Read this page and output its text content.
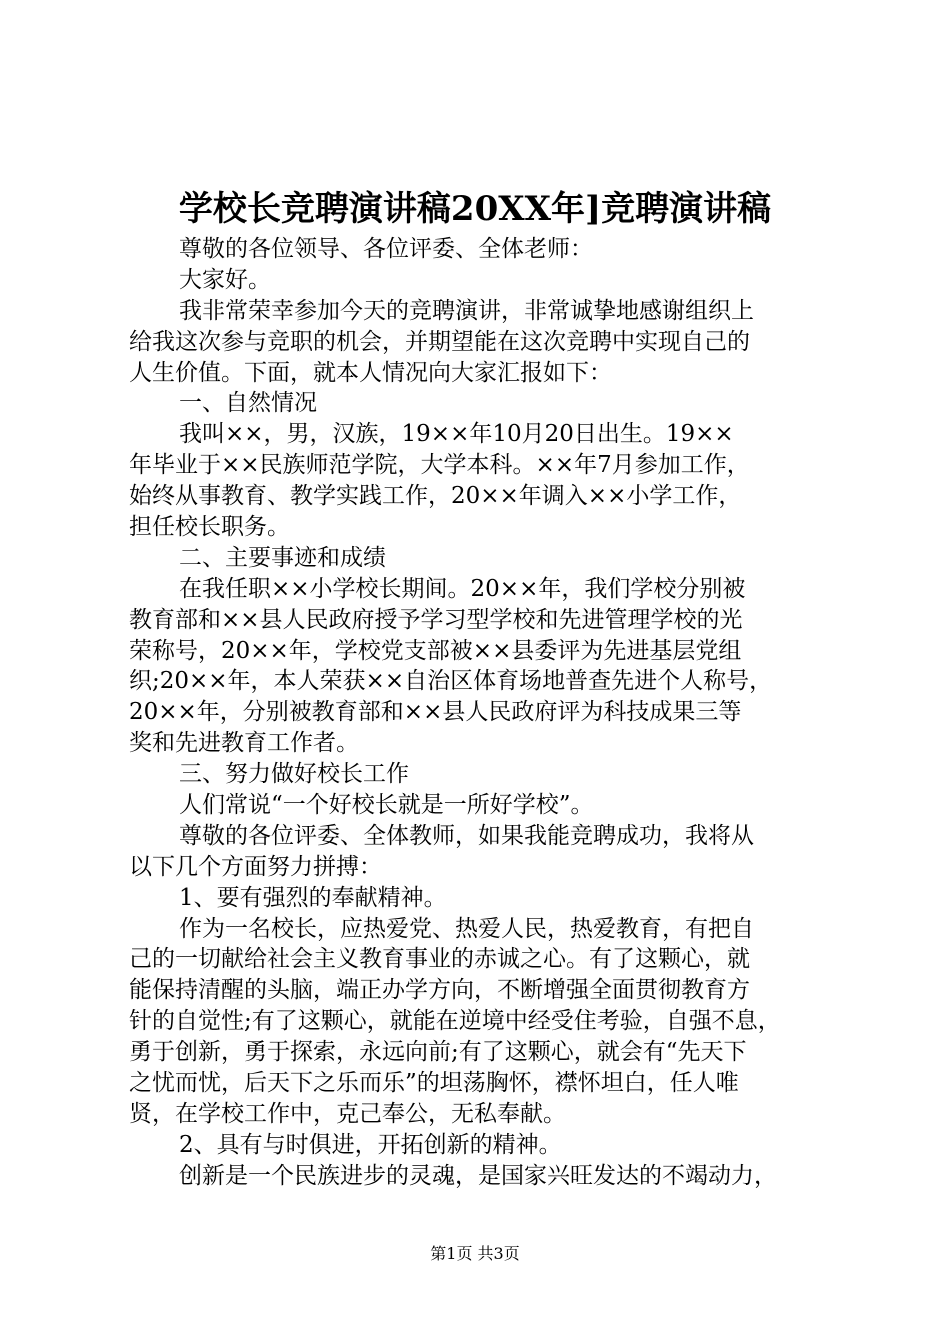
学校长竞聘演讲稿20XX年]竞聘演讲稿
尊敬的各位领导、各位评委、全体老师：
大家好。
我非常荣幸参加今天的竞聘演讲，非常诚挚地感谢组织上
给我这次参与竞职的机会，并期望能在这次竞聘中实现自己的
人生价值。下面，就本人情况向大家汇报如下：
一、自然情况
我叫××，男，汉族，19××年10月20日出生。19××
年毕业于××民族师范学院，大学本科。××年7月参加工作，
始终从事教育、教学实践工作，20××年调入××小学工作，
担任校长职务。
二、主要事迹和成绩
在我任职××小学校长期间。20××年，我们学校分别被
教育部和××县人民政府授予学习型学校和先进管理学校的光
荣称号，20××年，学校党支部被××县委评为先进基层党组
织;20××年，本人荣获××自治区体育场地普查先进个人称号，
20××年，分别被教育部和××县人民政府评为科技成果三等
奖和先进教育工作者。
三、努力做好校长工作
人们常说“一个好校长就是一所好学校”。
尊敬的各位评委、全体教师，如果我能竞聘成功，我将从
以下几个方面努力拼搏：
1、要有强烈的奉献精神。
作为一名校长，应热爱党、热爱人民，热爱教育，有把自
己的一切献给社会主义教育事业的赤诚之心。有了这颗心，就
能保持清醒的头脑，端正办学方向，不断增强全面贯彻教育方
针的自觉性;有了这颗心，就能在逆境中经受住考验，自强不息，
勇于创新，勇于探索，永远向前;有了这颗心，就会有“先天下
之忧而忧，后天下之乐而乐”的坦荡胸怀，襟怀坦白，任人唯
贤，在学校工作中，克己奉公，无私奉献。
2、具有与时俱进，开拓创新的精神。
创新是一个民族进步的灵魂，是国家兴旺发达的不竭动力，
第1页 共3页
